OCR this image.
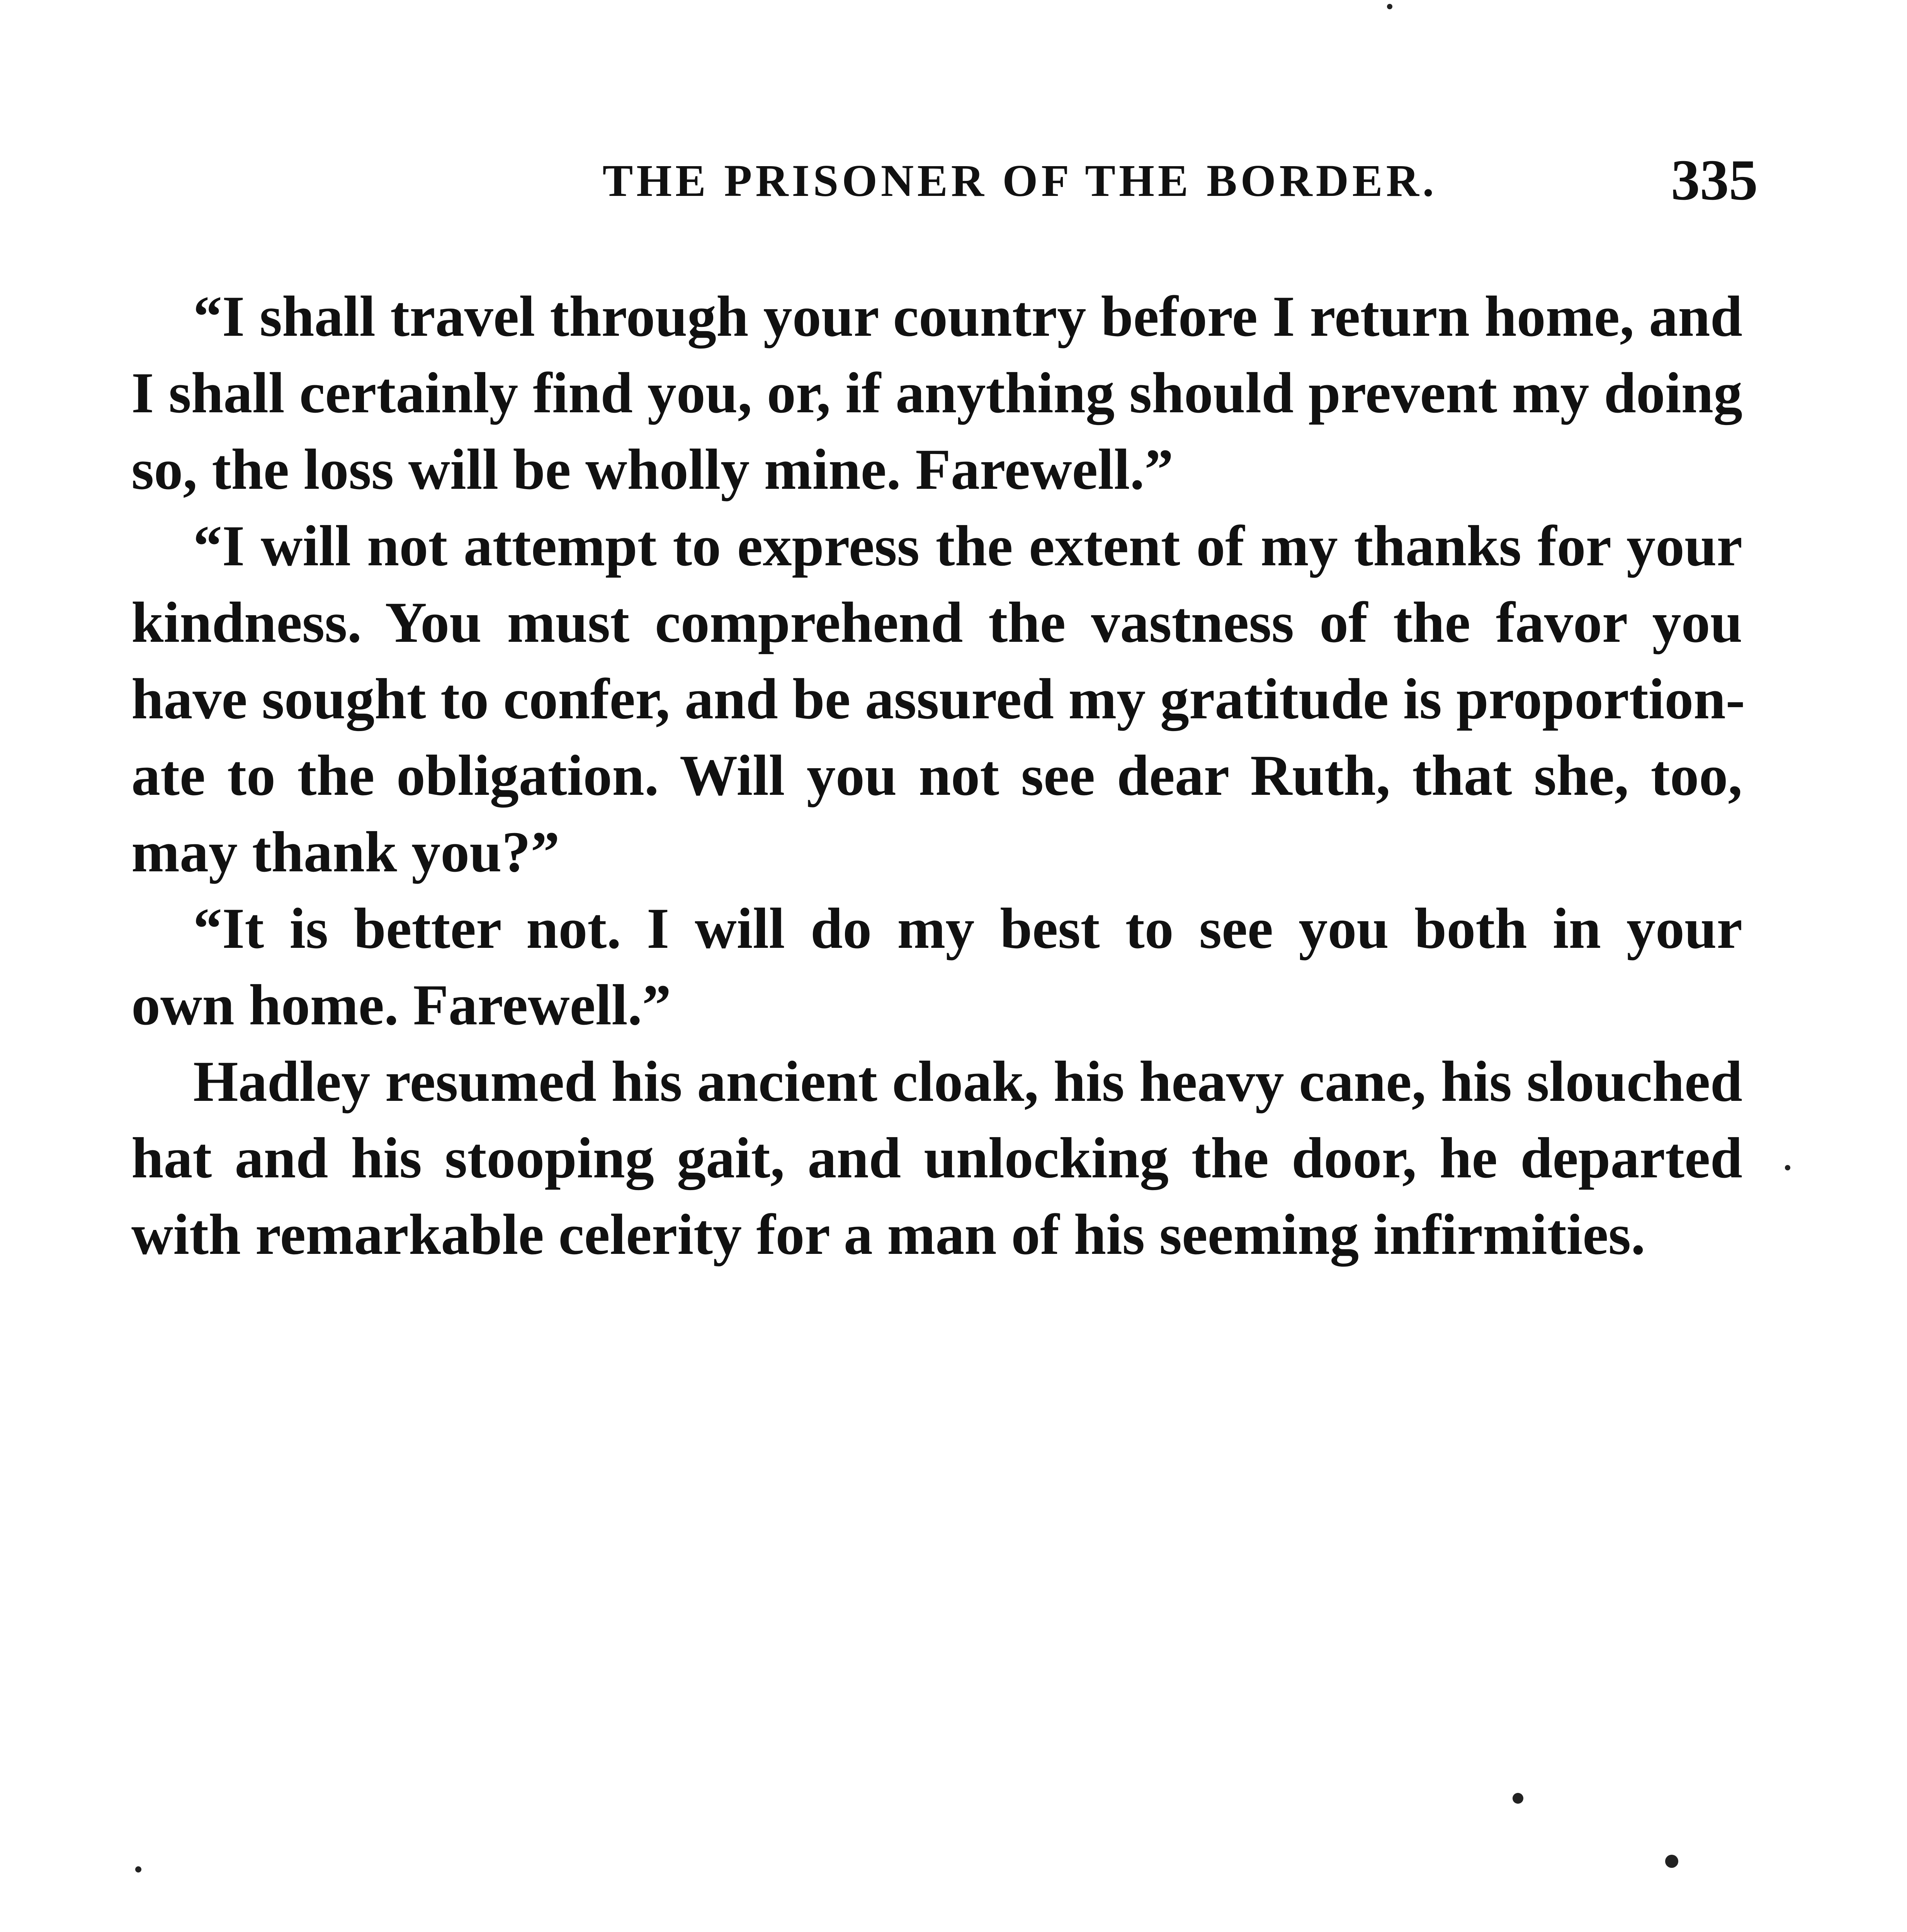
THE PRISONER OF THE BORDER.	335
“I shall travel through your country before I return home, and
I shall certainly find you, or, if anything should prevent my doing
so, the loss will be wholly mine. Farewell.”
“I will not attempt to express the extent of my thanks for your
kindness. You must comprehend the vastness of the favor you
have sought to confer, and be assured my gratitude is proportion-
ate to the obligation. Will you not see dear Ruth, that she, too,
may thank you?”
“It is better not. I will do my best to see you both in your
own home. Farewell.”
Hadley resumed his ancient cloak, his heavy cane, his slouched
hat and his stooping gait, and unlocking the door, he departed
with remarkable celerity for a man of his seeming infirmities.
